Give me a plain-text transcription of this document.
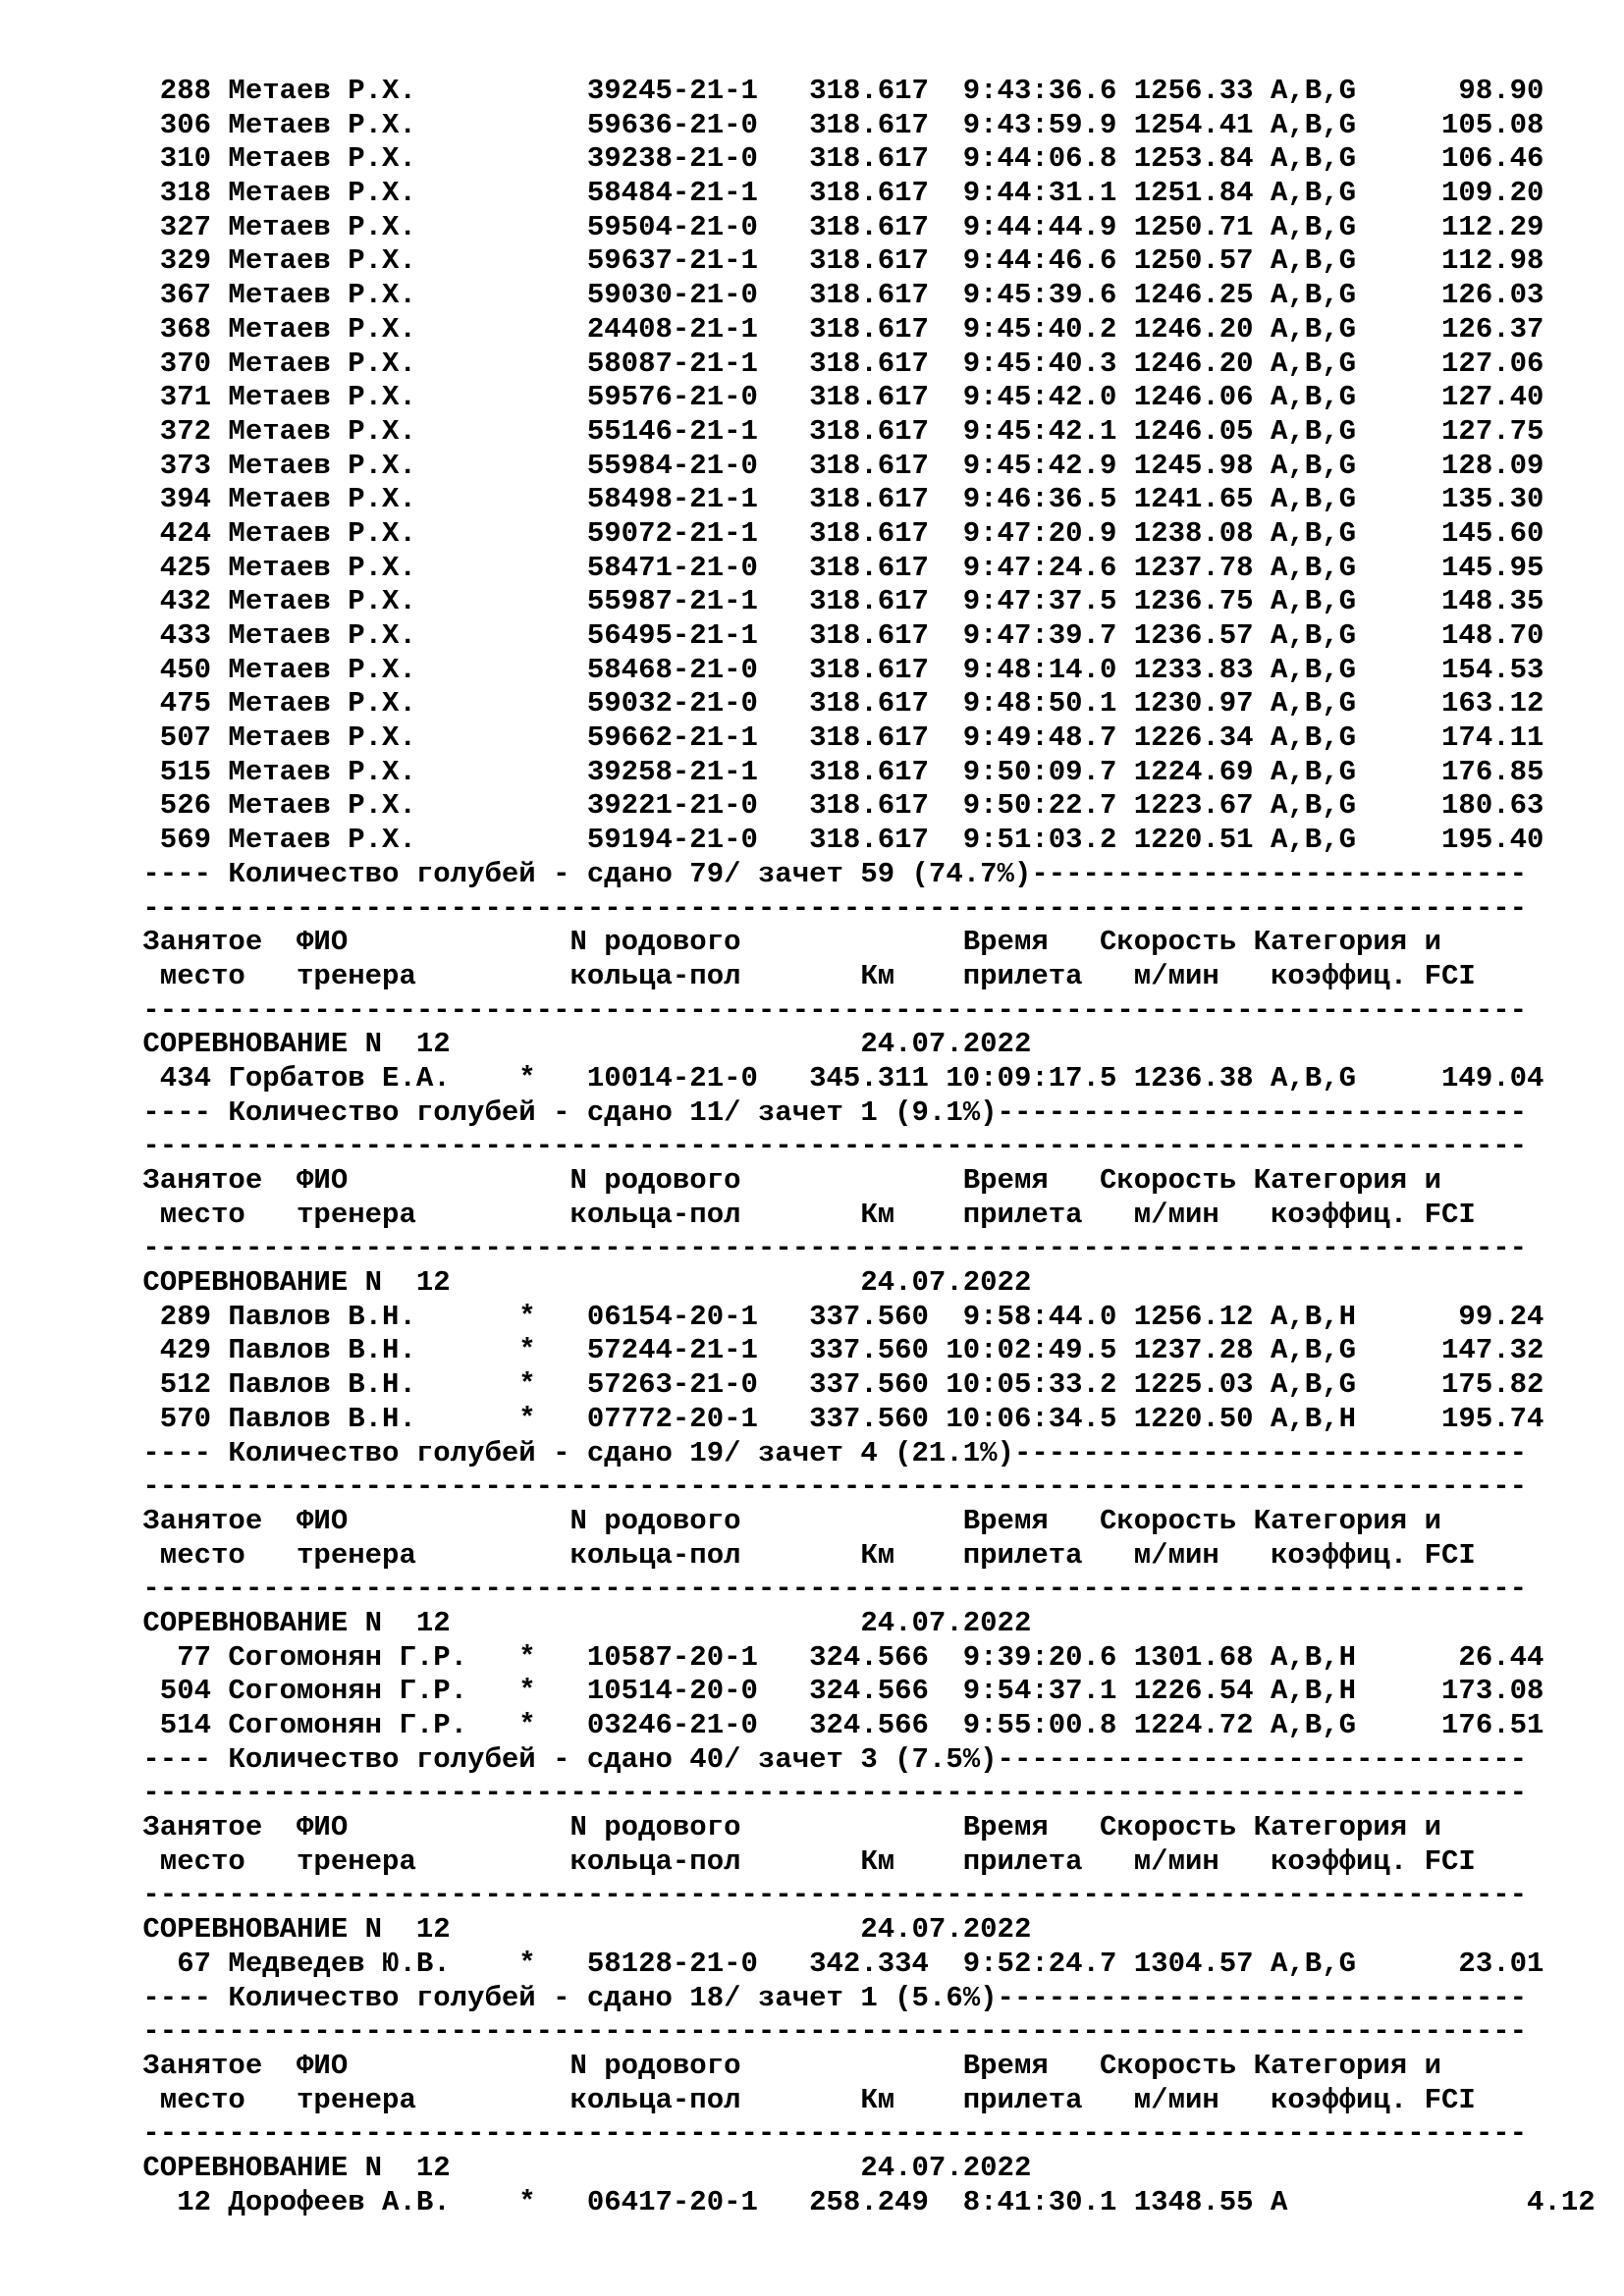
288 Метаев Р.Х.          39245-21-1   318.617  9:43:36.6 1256.33 A,B,G      98.90
306 Метаев Р.Х.          59636-21-0   318.617  9:43:59.9 1254.41 A,B,G     105.08
310 Метаев Р.Х.          39238-21-0   318.617  9:44:06.8 1253.84 A,B,G     106.46
318 Метаев Р.Х.          58484-21-1   318.617  9:44:31.1 1251.84 A,B,G     109.20
327 Метаев Р.Х.          59504-21-0   318.617  9:44:44.9 1250.71 A,B,G     112.29
329 Метаев Р.Х.          59637-21-1   318.617  9:44:46.6 1250.57 A,B,G     112.98
367 Метаев Р.Х.          59030-21-0   318.617  9:45:39.6 1246.25 A,B,G     126.03
368 Метаев Р.Х.          24408-21-1   318.617  9:45:40.2 1246.20 A,B,G     126.37
370 Метаев Р.Х.          58087-21-1   318.617  9:45:40.3 1246.20 A,B,G     127.06
371 Метаев Р.Х.          59576-21-0   318.617  9:45:42.0 1246.06 A,B,G     127.40
372 Метаев Р.Х.          55146-21-1   318.617  9:45:42.1 1246.05 A,B,G     127.75
373 Метаев Р.Х.          55984-21-0   318.617  9:45:42.9 1245.98 A,B,G     128.09
394 Метаев Р.Х.          58498-21-1   318.617  9:46:36.5 1241.65 A,B,G     135.30
424 Метаев Р.Х.          59072-21-1   318.617  9:47:20.9 1238.08 A,B,G     145.60
425 Метаев Р.Х.          58471-21-0   318.617  9:47:24.6 1237.78 A,B,G     145.95
432 Метаев Р.Х.          55987-21-1   318.617  9:47:37.5 1236.75 A,B,G     148.35
433 Метаев Р.Х.          56495-21-1   318.617  9:47:39.7 1236.57 A,B,G     148.70
450 Метаев Р.Х.          58468-21-0   318.617  9:48:14.0 1233.83 A,B,G     154.53
475 Метаев Р.Х.          59032-21-0   318.617  9:48:50.1 1230.97 A,B,G     163.12
507 Метаев Р.Х.          59662-21-1   318.617  9:49:48.7 1226.34 A,B,G     174.11
515 Метаев Р.Х.          39258-21-1   318.617  9:50:09.7 1224.69 A,B,G     176.85
526 Метаев Р.Х.          39221-21-0   318.617  9:50:22.7 1223.67 A,B,G     180.63
569 Метаев Р.Х.          59194-21-0   318.617  9:51:03.2 1220.51 A,B,G     195.40
---- Количество голубей - сдано 79/ зачет 59 (74.7%)-----------------------------
---------------------------------------------------------------------------------
Занятое  ФИО             N родового             Время   Скорость Категория и
место   тренера         кольца-пол       Км    прилета   м/мин   коэффиц. FCI
---------------------------------------------------------------------------------
СОРЕВНОВАНИЕ N  12                        24.07.2022
434 Горбатов Е.А.    *   10014-21-0   345.311 10:09:17.5 1236.38 A,B,G     149.04
---- Количество голубей - сдано 11/ зачет 1 (9.1%)-------------------------------
---------------------------------------------------------------------------------
Занятое  ФИО             N родового             Время   Скорость Категория и
место   тренера         кольца-пол       Км    прилета   м/мин   коэффиц. FCI
---------------------------------------------------------------------------------
СОРЕВНОВАНИЕ N  12                        24.07.2022
289 Павлов В.Н.      *   06154-20-1   337.560  9:58:44.0 1256.12 A,B,H      99.24
429 Павлов В.Н.      *   57244-21-1   337.560 10:02:49.5 1237.28 A,B,G     147.32
512 Павлов В.Н.      *   57263-21-0   337.560 10:05:33.2 1225.03 A,B,G     175.82
570 Павлов В.Н.      *   07772-20-1   337.560 10:06:34.5 1220.50 A,B,H     195.74
---- Количество голубей - сдано 19/ зачет 4 (21.1%)------------------------------
---------------------------------------------------------------------------------
Занятое  ФИО             N родового             Время   Скорость Категория и
место   тренера         кольца-пол       Км    прилета   м/мин   коэффиц. FCI
---------------------------------------------------------------------------------
СОРЕВНОВАНИЕ N  12                        24.07.2022
77 Согомонян Г.Р.   *   10587-20-1   324.566  9:39:20.6 1301.68 A,B,H      26.44
504 Согомонян Г.Р.   *   10514-20-0   324.566  9:54:37.1 1226.54 A,B,H     173.08
514 Согомонян Г.Р.   *   03246-21-0   324.566  9:55:00.8 1224.72 A,B,G     176.51
---- Количество голубей - сдано 40/ зачет 3 (7.5%)-------------------------------
---------------------------------------------------------------------------------
Занятое  ФИО             N родового             Время   Скорость Категория и
место   тренера         кольца-пол       Км    прилета   м/мин   коэффиц. FCI
---------------------------------------------------------------------------------
СОРЕВНОВАНИЕ N  12                        24.07.2022
67 Медведев Ю.В.    *   58128-21-0   342.334  9:52:24.7 1304.57 A,B,G      23.01
---- Количество голубей - сдано 18/ зачет 1 (5.6%)-------------------------------
---------------------------------------------------------------------------------
Занятое  ФИО             N родового             Время   Скорость Категория и
место   тренера         кольца-пол       Км    прилета   м/мин   коэффиц. FCI
---------------------------------------------------------------------------------
СОРЕВНОВАНИЕ N  12                        24.07.2022
12 Дорофеев А.В.    *   06417-20-1   258.249  8:41:30.1 1348.55 A              4.12
